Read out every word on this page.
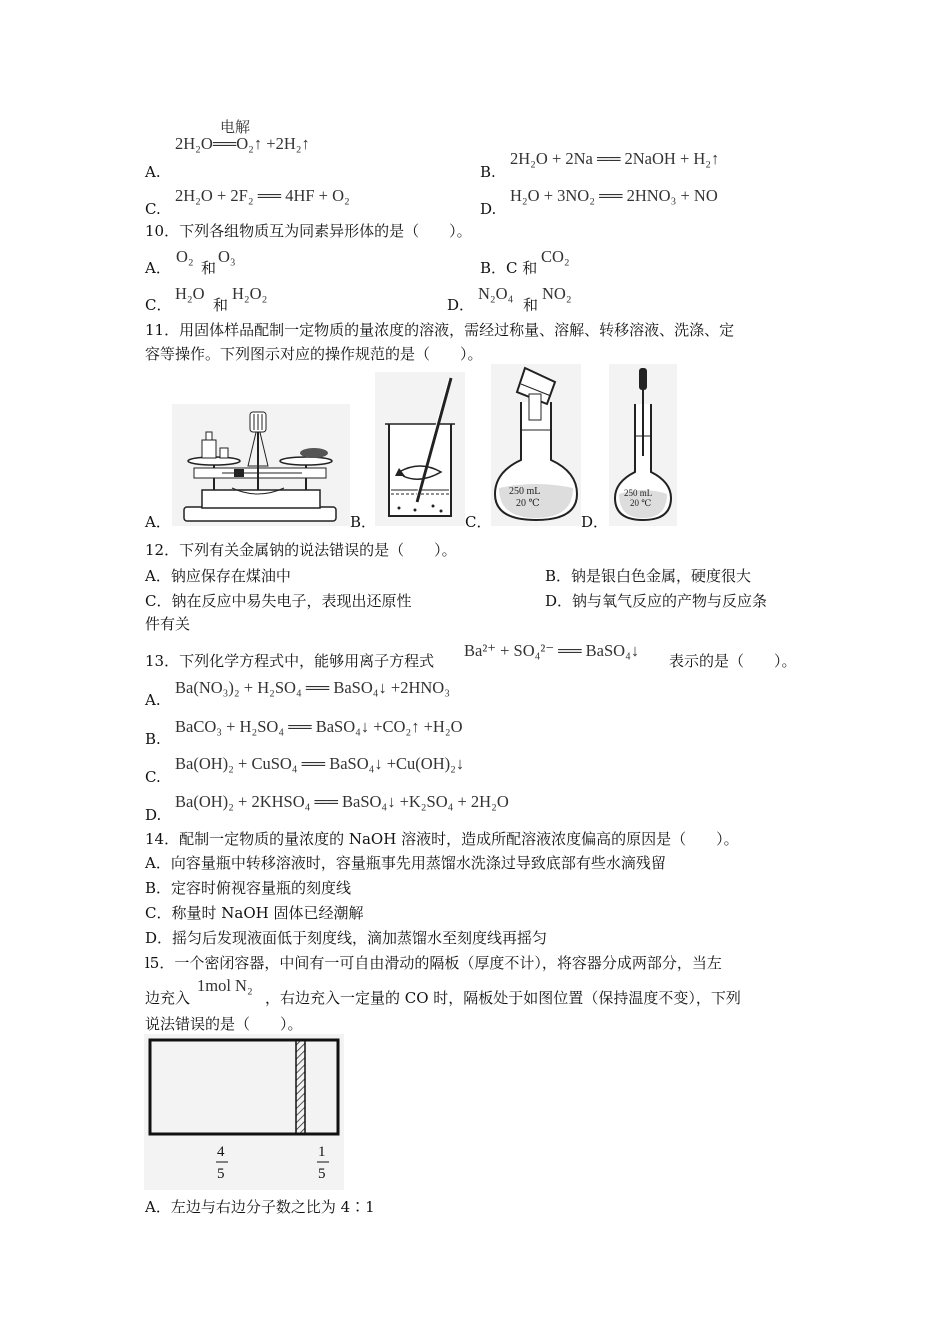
电解
A.
2H₂O══O₂↑ +2H₂↑
B.
2H₂O + 2Na ══ 2NaOH + H₂↑
C.
2H₂O + 2F₂ ══ 4HF + O₂
D.
H₂O + 3NO₂ ══ 2HNO₃ + NO
10．下列各组物质互为同素异形体的是（　　）。
A．
O₂
和
O₃
B．C 和
CO₂
C．
H₂O
和
H₂O₂
D．
N₂O₄
和
NO₂
11．用固体样品配制一定物质的量浓度的溶液，需经过称量、溶解、转移溶液、洗涤、定
容等操作。下列图示对应的操作规范的是（　　）。
A．	B．
250 mL
20 ℃
C．
250 mL
20 ℃
D．
12．下列有关金属钠的说法错误的是（　　）。
A．钠应保存在煤油中	B．钠是银白色金属，硬度很大
C．钠在反应中易失电子，表现出还原性	D．钠与氧气反应的产物与反应条
件有关
13．下列化学方程式中，能够用离子方程式
Ba²⁺ + SO₄²⁻ ══ BaSO₄↓
表示的是（　　）。
A.
Ba(NO₃)₂ + H₂SO₄ ══ BaSO₄↓ +2HNO₃
B.
BaCO₃ + H₂SO₄ ══ BaSO₄↓ +CO₂↑ +H₂O
C.
Ba(OH)₂ + CuSO₄ ══ BaSO₄↓ +Cu(OH)₂↓
D.
Ba(OH)₂ + 2KHSO₄ ══ BaSO₄↓ +K₂SO₄ + 2H₂O
14．配制一定物质的量浓度的 NaOH 溶液时，造成所配溶液浓度偏高的原因是（　　）。
A．向容量瓶中转移溶液时，容量瓶事先用蒸馏水洗涤过导致底部有些水滴残留
B．定容时俯视容量瓶的刻度线
C．称量时 NaOH 固体已经潮解
D．摇匀后发现液面低于刻度线，滴加蒸馏水至刻度线再摇匀
l5．一个密闭容器，中间有一可自由滑动的隔板（厚度不计），将容器分成两部分，当左
边充入
1mol N₂
，右边充入一定量的 CO 时，隔板处于如图位置（保持温度不变），下列
说法错误的是（　　）。
4
5
1
5
A．左边与右边分子数之比为 4∶1
